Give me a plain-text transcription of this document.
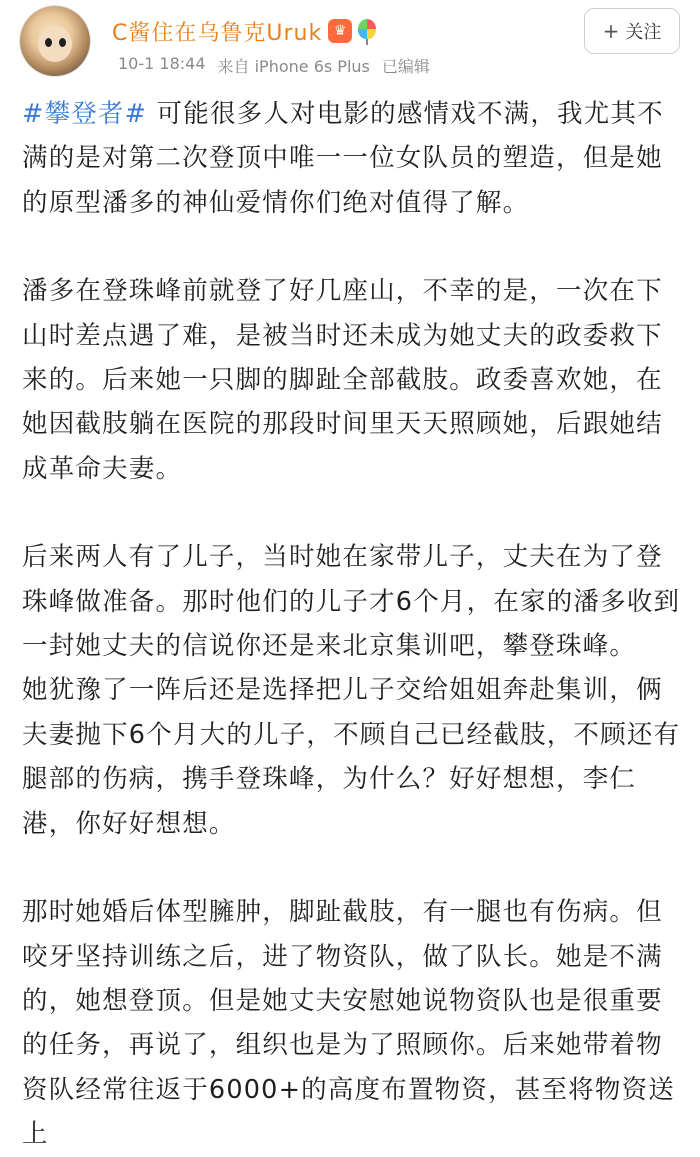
✦
C酱住在乌鲁克Uruk ♛
10-1 18:44 来自 iPhone 6s Plus 已编辑
+ 关注

#攀登者# 可能很多人对电影的感情戏不满，我尤其不满的是对第二次登顶中唯一一位女队员的塑造，但是她的原型潘多的神仙爱情你们绝对值得了解。

潘多在登珠峰前就登了好几座山，不幸的是，一次在下山时差点遇了难，是被当时还未成为她丈夫的政委救下来的。后来她一只脚的脚趾全部截肢。政委喜欢她，在她因截肢躺在医院的那段时间里天天照顾她，后跟她结成革命夫妻。

后来两人有了儿子，当时她在家带儿子，丈夫在为了登珠峰做准备。那时他们的儿子才6个月，在家的潘多收到一封她丈夫的信说你还是来北京集训吧，攀登珠峰。

她犹豫了一阵后还是选择把儿子交给姐姐奔赴集训，俩夫妻抛下6个月大的儿子，不顾自己已经截肢，不顾还有腿部的伤病，携手登珠峰，为什么？好好想想，李仁港，你好好想想。

那时她婚后体型臃肿，脚趾截肢，有一腿也有伤病。但咬牙坚持训练之后，进了物资队，做了队长。她是不满的，她想登顶。但是她丈夫安慰她说物资队也是很重要的任务，再说了，组织也是为了照顾你。后来她带着物资队经常往返于6000+的高度布置物资，甚至将物资送上
